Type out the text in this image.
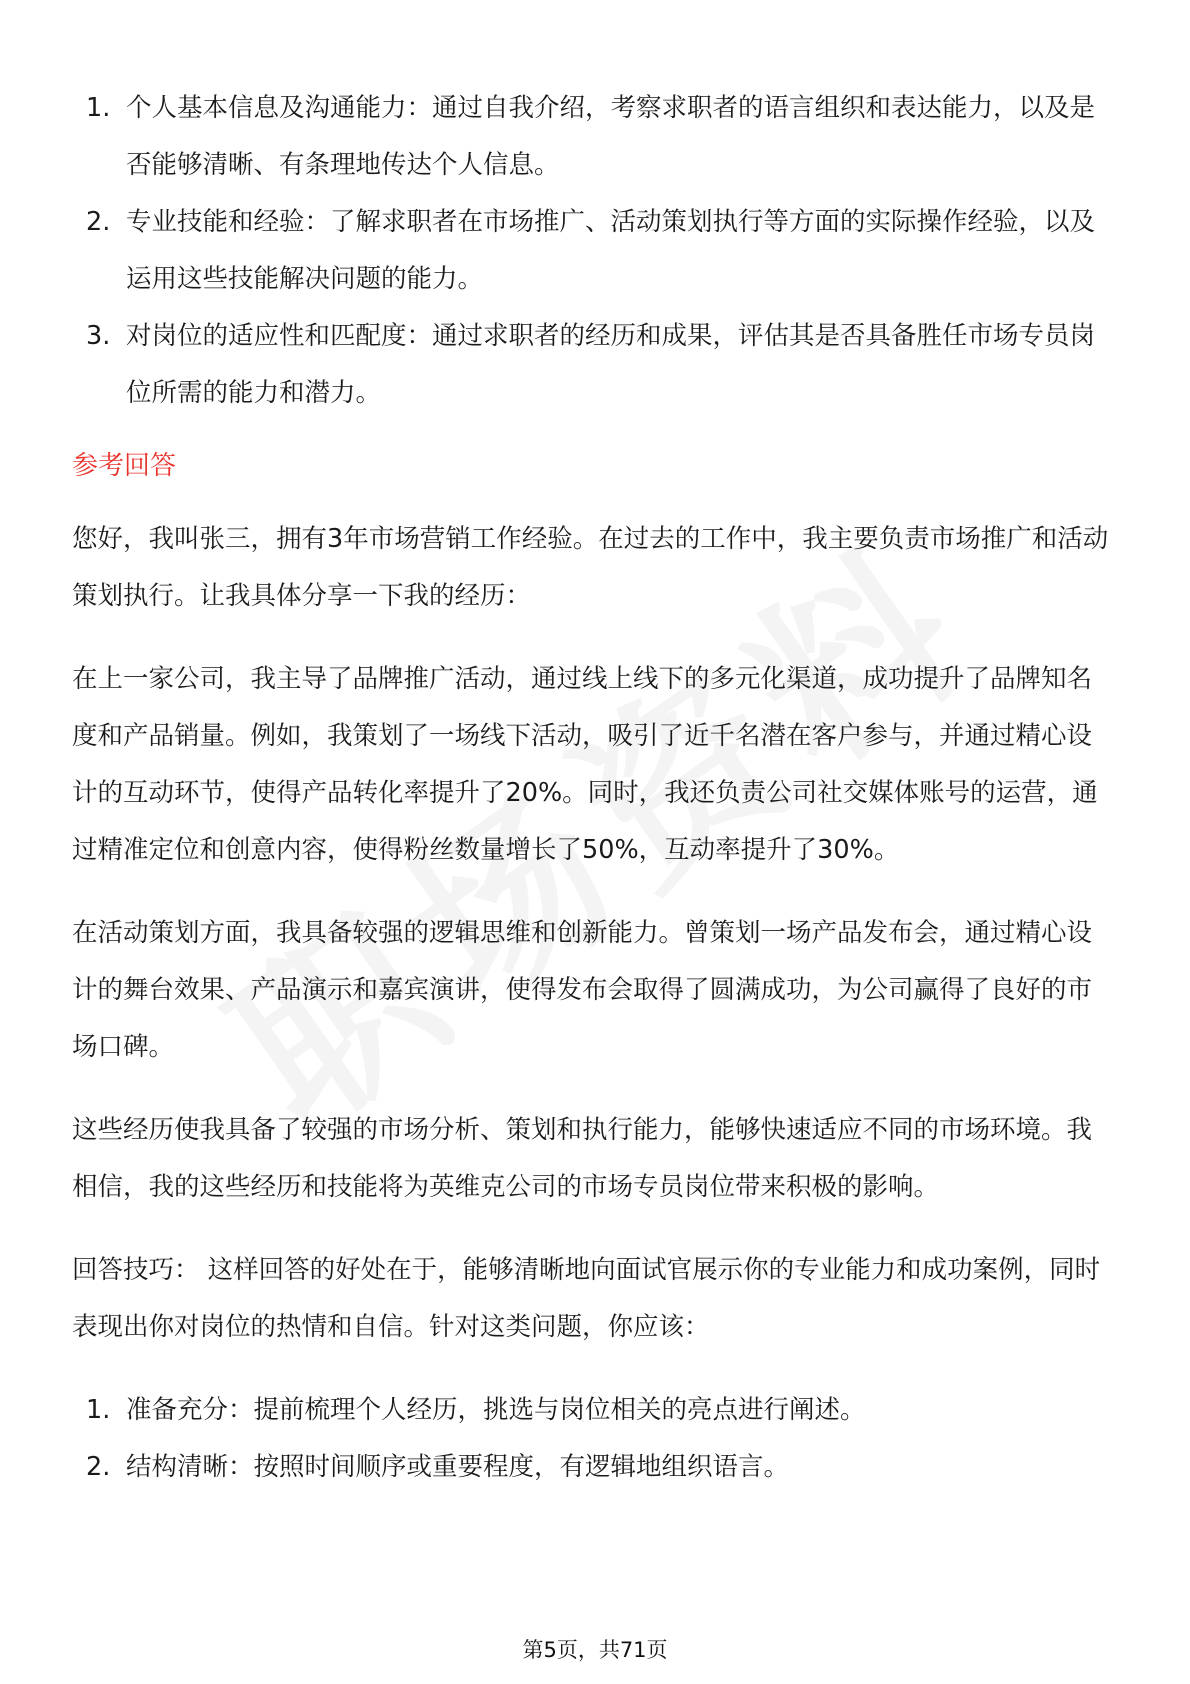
1. 个人基本信息及沟通能力：通过自我介绍，考察求职者的语言组织和表达能力，以及是否能够清晰、有条理地传达个人信息。
2. 专业技能和经验：了解求职者在市场推广、活动策划执行等方面的实际操作经验，以及运用这些技能解决问题的能力。
3. 对岗位的适应性和匹配度：通过求职者的经历和成果，评估其是否具备胜任市场专员岗位所需的能力和潜力。
参考回答

您好，我叫张三，拥有3年市场营销工作经验。在过去的工作中，我主要负责市场推广和活动策划执行。让我具体分享一下我的经历：

在上一家公司，我主导了品牌推广活动，通过线上线下的多元化渠道，成功提升了品牌知名度和产品销量。例如，我策划了一场线下活动，吸引了近千名潜在客户参与，并通过精心设计的互动环节，使得产品转化率提升了20%。同时，我还负责公司社交媒体账号的运营，通过精准定位和创意内容，使得粉丝数量增长了50%，互动率提升了30%。

在活动策划方面，我具备较强的逻辑思维和创新能力。曾策划一场产品发布会，通过精心设计的舞台效果、产品演示和嘉宾演讲，使得发布会取得了圆满成功，为公司赢得了良好的市场口碑。

这些经历使我具备了较强的市场分析、策划和执行能力，能够快速适应不同的市场环境。我相信，我的这些经历和技能将为英维克公司的市场专员岗位带来积极的影响。

回答技巧： 这样回答的好处在于，能够清晰地向面试官展示你的专业能力和成功案例，同时表现出你对岗位的热情和自信。针对这类问题，你应该：

1. 准备充分：提前梳理个人经历，挑选与岗位相关的亮点进行阐述。
2. 结构清晰：按照时间顺序或重要程度，有逻辑地组织语言。
第5页，共71页
